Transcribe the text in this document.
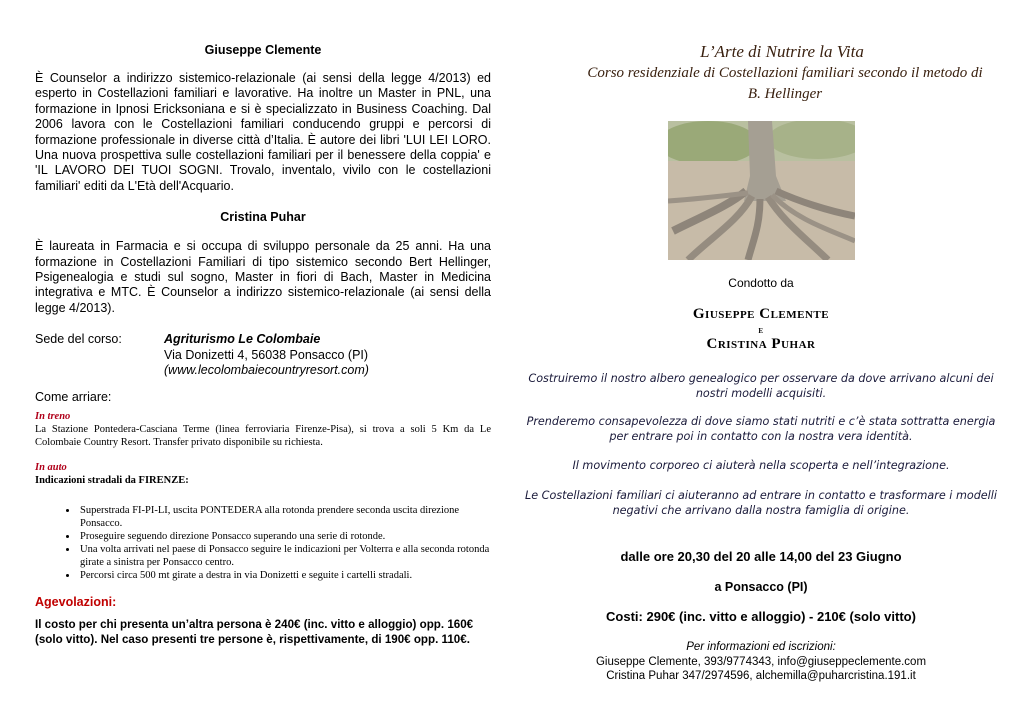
Giuseppe Clemente
È Counselor a indirizzo sistemico-relazionale (ai sensi della legge 4/2013) ed esperto in Costellazioni familiari e lavorative. Ha inoltre un Master in PNL, una formazione in Ipnosi Ericksoniana e si è specializzato in Business Coaching. Dal 2006 lavora con le Costellazioni familiari conducendo gruppi e percorsi di formazione professionale in diverse città d’Italia. È autore dei libri 'LUI LEI LORO. Una nuova prospettiva sulle costellazioni familiari per il benessere della coppia' e 'IL LAVORO DEI TUOI SOGNI. Trovalo, inventalo, vivilo con le costellazioni familiari' editi da L'Età dell'Acquario.
Cristina Puhar
È laureata in Farmacia e si occupa di sviluppo personale da 25 anni. Ha una formazione in Costellazioni Familiari di tipo sistemico secondo Bert Hellinger, Psigenealogia e studi sul sogno, Master in fiori di Bach, Master in Medicina integrativa e MTC. È Counselor a indirizzo sistemico-relazionale (ai sensi della legge 4/2013).
Sede del corso:	Agriturismo Le Colombaie
Via Donizetti 4, 56038 Ponsacco (PI)
(www.lecolombaiecountryresort.com)
Come arriare:
In treno
La Stazione Pontedera-Casciana Terme (linea ferroviaria Firenze-Pisa), si trova a soli 5 Km da Le Colombaie Country Resort. Transfer privato disponibile su richiesta.
In auto
Indicazioni stradali da FIRENZE:
• Superstrada FI-PI-LI, uscita PONTEDERA alla rotonda prendere seconda uscita direzione Ponsacco.
• Proseguire seguendo direzione Ponsacco superando una serie di rotonde.
• Una volta arrivati nel paese di Ponsacco seguire le indicazioni per Volterra e alla seconda rotonda girate a sinistra per Ponsacco centro.
• Percorsi circa 500 mt girate a destra in via Donizetti e seguite i cartelli stradali.
Agevolazioni:
Il costo per chi presenta un’altra persona è 240€ (inc. vitto e alloggio) opp. 160€ (solo vitto). Nel caso presenti tre persone è, rispettivamente, di 190€ opp. 110€.
L’Arte di Nutrire la Vita
Corso residenziale di Costellazioni familiari secondo il metodo di B. Hellinger
Condotto da
Giuseppe Clemente
e
Cristina Puhar
Costruiremo il nostro albero genealogico per osservare da dove arrivano alcuni dei nostri modelli acquisiti.
Prenderemo consapevolezza di dove siamo stati nutriti e c’è stata sottratta energia per entrare poi in contatto con la nostra vera identità.
Il movimento corporeo ci aiuterà nella scoperta e nell’integrazione.
Le Costellazioni familiari ci aiuteranno ad entrare in contatto e trasformare i modelli negativi che arrivano dalla nostra famiglia di origine.
dalle ore 20,30 del 20 alle 14,00 del 23 Giugno
a Ponsacco (PI)
Costi: 290€ (inc. vitto e alloggio) - 210€ (solo vitto)
Per informazioni ed iscrizioni:
Giuseppe Clemente, 393/9774343, info@giuseppeclemente.com
Cristina Puhar 347/2974596, alchemilla@puharcristina.191.it
